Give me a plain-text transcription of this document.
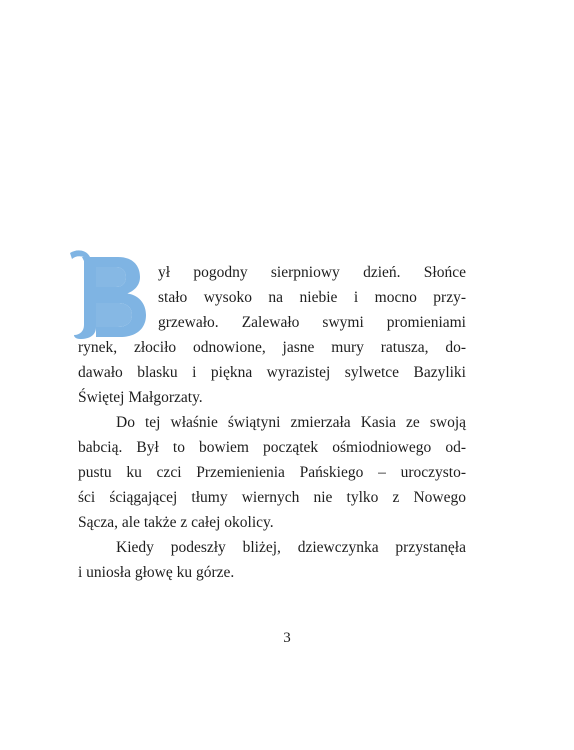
ył pogodny sierpniowy dzień. Słońce
stało wysoko na niebie i mocno przy-
grzewało. Zalewało swymi promieniami
rynek, złociło odnowione, jasne mury ratusza, do-
dawało blasku i piękna wyrazistej sylwetce Bazyliki
Świętej Małgorzaty.
Do tej właśnie świątyni zmierzała Kasia ze swoją
babcią. Był to bowiem początek ośmiodniowego od-
pustu ku czci Przemienienia Pańskiego – uroczysto-
ści ściągającej tłumy wiernych nie tylko z Nowego
Sącza, ale także z całej okolicy.
Kiedy podeszły bliżej, dziewczynka przystanęła
i uniosła głowę ku górze.
3
